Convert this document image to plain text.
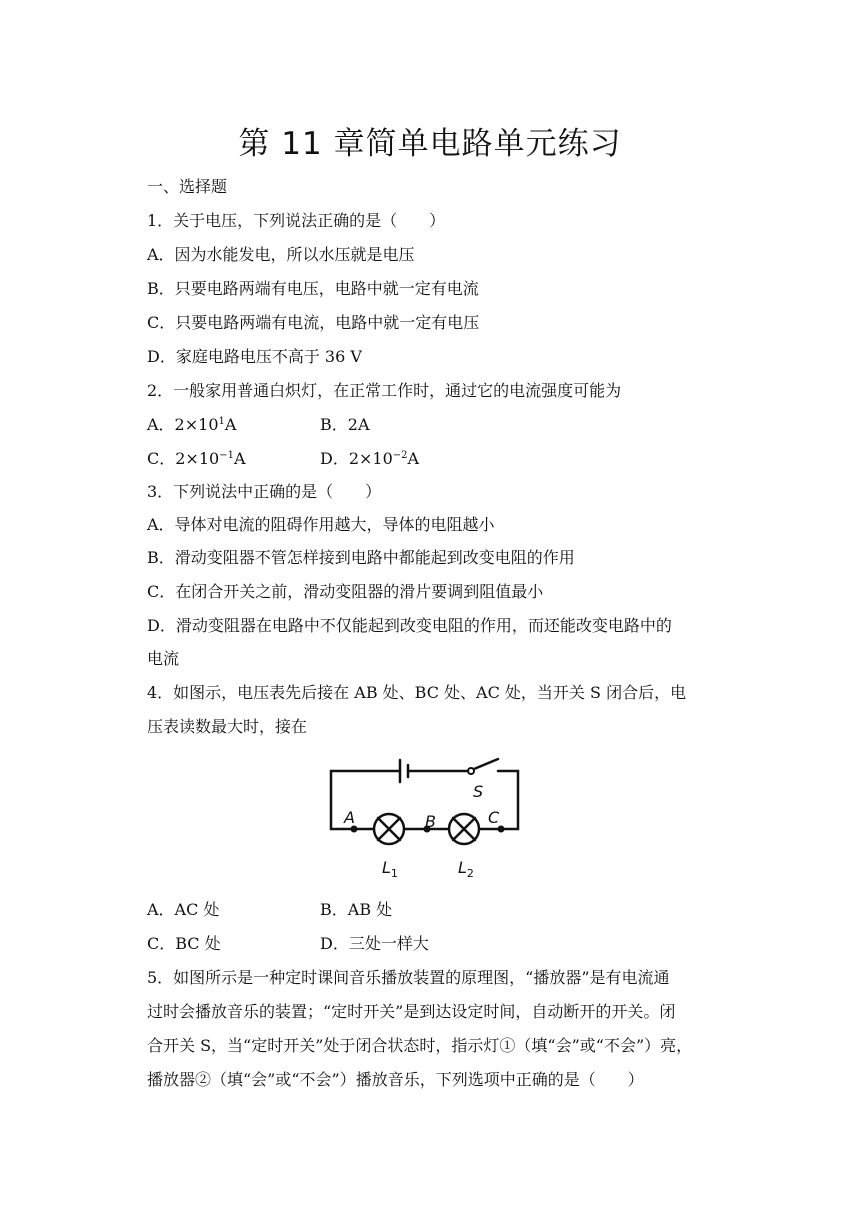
第 11 章简单电路单元练习
一、选择题
1．关于电压，下列说法正确的是（　　）
A．因为水能发电，所以水压就是电压
B．只要电路两端有电压，电路中就一定有电流
C．只要电路两端有电流，电路中就一定有电压
D．家庭电路电压不高于 36 V
2．一般家用普通白炽灯，在正常工作时，通过它的电流强度可能为
A．$2\times 10^1A$	B．2A
C．$2\times 10^{-1}A$	D．$2\times 10^{-2}A$
3．下列说法中正确的是（　　）
A．导体对电流的阻碍作用越大，导体的电阻越小
B．滑动变阻器不管怎样接到电路中都能起到改变电阻的作用
C．在闭合开关之前，滑动变阻器的滑片要调到阻值最小
D．滑动变阻器在电路中不仅能起到改变电阻的作用，而还能改变电路中的
电流
4．如图示，电压表先后接在 AB 处、BC 处、AC 处，当开关 S 闭合后，电
压表读数最大时，接在
A	B	C
S
$L_1$	$L_2$
A．AC 处	B．AB 处
C．BC 处	D．三处一样大
5．如图所示是一种定时课间音乐播放装置的原理图，“播放器”是有电流通
过时会播放音乐的装置；“定时开关”是到达设定时间，自动断开的开关。闭
合开关 S，当“定时开关”处于闭合状态时，指示灯①（填“会”或“不会”）亮，
播放器②（填“会”或“不会”）播放音乐，下列选项中正确的是（　　）
